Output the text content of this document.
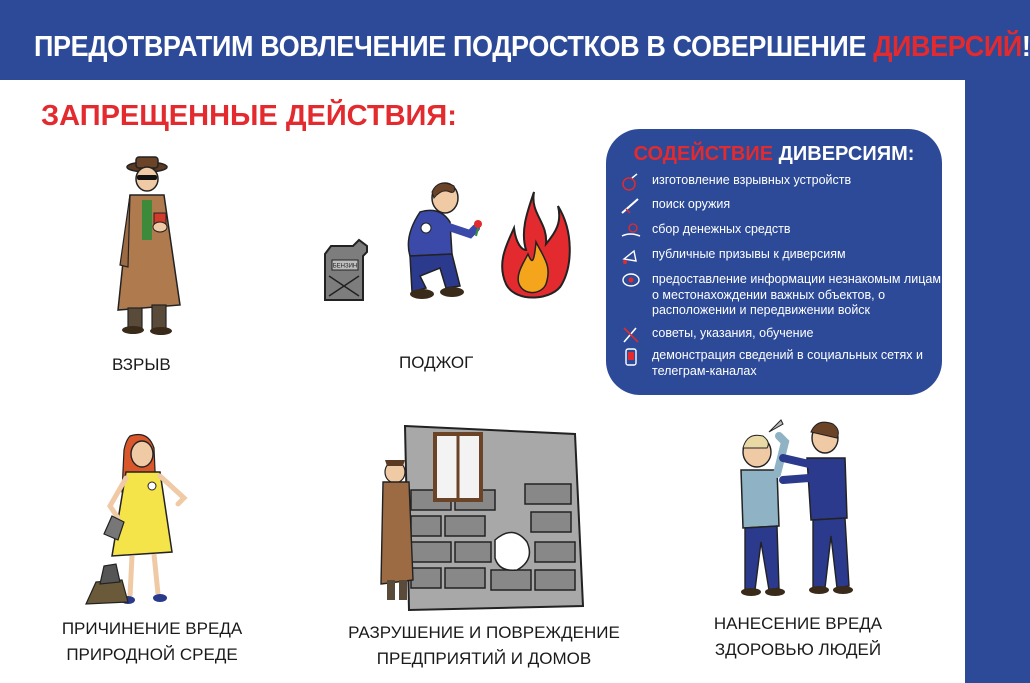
ПРЕДОТВРАТИМ ВОВЛЕЧЕНИЕ ПОДРОСТКОВ В СОВЕРШЕНИЕ ДИВЕРСИЙ!
ЗАПРЕЩЕННЫЕ ДЕЙСТВИЯ:
БЕНЗИН
ВЗРЫВ	ПОДЖОГ
СОДЕЙСТВИЕ ДИВЕРСИЯМ:
изготовление взрывных устройств
поиск оружия
сбор денежных средств
публичные призывы к диверсиям
предоставление информации незнакомым лицам о местонахождении важных объектов, о расположении и передвижении войск
советы, указания, обучение
демонстрация сведений в социальных сетях и телеграм-каналах
ПРИЧИНЕНИЕ ВРЕДА
ПРИРОДНОЙ СРЕДЕ
РАЗРУШЕНИЕ И ПОВРЕЖДЕНИЕ
ПРЕДПРИЯТИЙ И ДОМОВ
НАНЕСЕНИЕ ВРЕДА
ЗДОРОВЬЮ ЛЮДЕЙ
